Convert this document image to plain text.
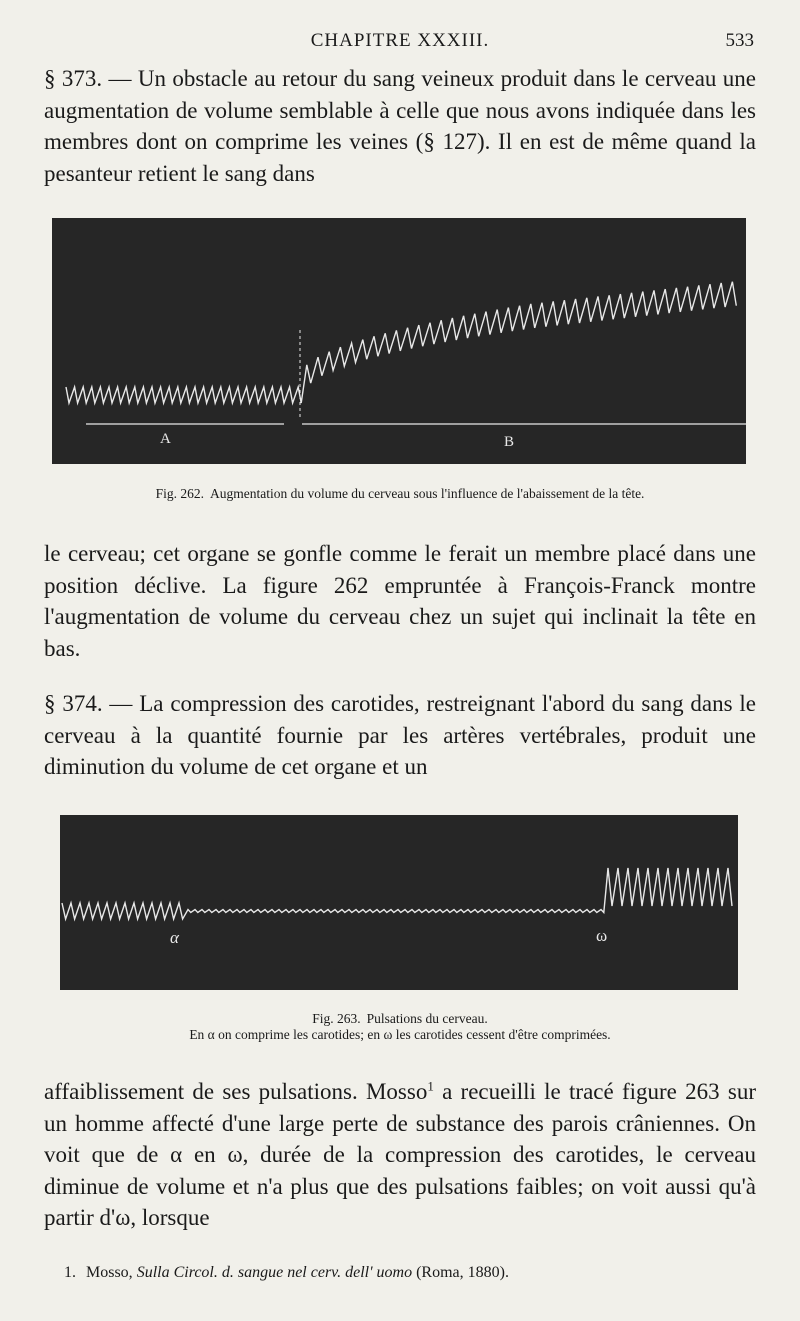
CHAPITRE XXXIII.	533

§ 373. — Un obstacle au retour du sang veineux produit dans le cerveau une augmentation de volume semblable à celle que nous avons indiquée dans les membres dont on comprime les veines (§ 127). Il en est de même quand la pesanteur retient le sang dans

A	B
Fig. 262. Augmentation du volume du cerveau sous l'influence de l'abaissement de la tête.

le cerveau; cet organe se gonfle comme le ferait un membre placé dans une position déclive. La figure 262 empruntée à François-Franck montre l'augmentation de volume du cerveau chez un sujet qui inclinait la tête en bas.

§ 374. — La compression des carotides, restreignant l'abord du sang dans le cerveau à la quantité fournie par les artères vertébrales, produit une diminution du volume de cet organe et un

α	ω
Fig. 263. Pulsations du cerveau.
En α on comprime les carotides; en ω les carotides cessent d'être comprimées.

affaiblissement de ses pulsations. Mosso$^1$ a recueilli le tracé figure 263 sur un homme affecté d'une large perte de substance des parois crâniennes. On voit que de α en ω, durée de la compression des carotides, le cerveau diminue de volume et n'a plus que des pulsations faibles; on voit aussi qu'à partir d'ω, lorsque

1. Mosso, Sulla Circol. d. sangue nel cerv. dell' uomo (Roma, 1880).
